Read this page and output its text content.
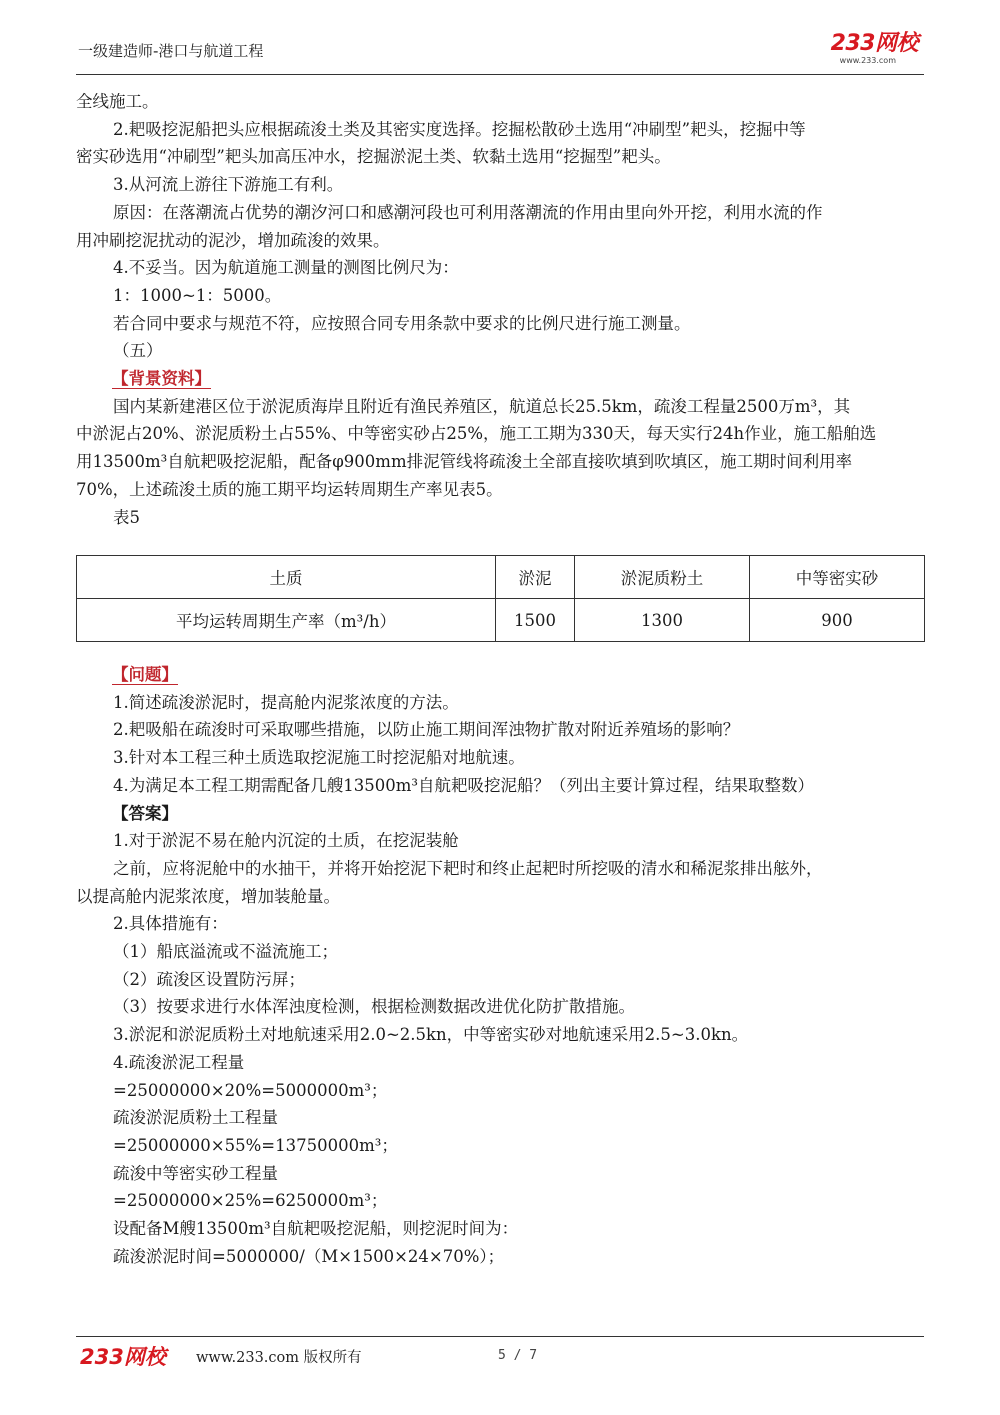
一级建造师-港口与航道工程	233网校
www.233.com
全线施工。
2.耙吸挖泥船把头应根据疏浚土类及其密实度选择。挖掘松散砂土选用“冲刷型”耙头，挖掘中等
密实砂选用“冲刷型”耙头加高压冲水，挖掘淤泥土类、软黏土选用“挖掘型”耙头。
3.从河流上游往下游施工有利。
原因：在落潮流占优势的潮汐河口和感潮河段也可利用落潮流的作用由里向外开挖，利用水流的作
用冲刷挖泥扰动的泥沙，增加疏浚的效果。
4.不妥当。因为航道施工测量的测图比例尺为：
1：1000~1：5000。
若合同中要求与规范不符，应按照合同专用条款中要求的比例尺进行施工测量。
（五）
【背景资料】
国内某新建港区位于淤泥质海岸且附近有渔民养殖区，航道总长25.5km，疏浚工程量2500万m³，其
中淤泥占20%、淤泥质粉土占55%、中等密实砂占25%，施工工期为330天，每天实行24h作业，施工船舶选
用13500m³自航耙吸挖泥船，配备φ900mm排泥管线将疏浚土全部直接吹填到吹填区，施工期时间利用率
70%，上述疏浚土质的施工期平均运转周期生产率见表5。
表5
土质	淤泥	淤泥质粉土	中等密实砂
平均运转周期生产率（m³/h）	1500	1300	900
【问题】
1.简述疏浚淤泥时，提高舱内泥浆浓度的方法。
2.耙吸船在疏浚时可采取哪些措施，以防止施工期间浑浊物扩散对附近养殖场的影响？
3.针对本工程三种土质选取挖泥施工时挖泥船对地航速。
4.为满足本工程工期需配备几艘13500m³自航耙吸挖泥船？（列出主要计算过程，结果取整数）
【答案】
1.对于淤泥不易在舱内沉淀的土质，在挖泥装舱
之前，应将泥舱中的水抽干，并将开始挖泥下耙时和终止起耙时所挖吸的清水和稀泥浆排出舷外，
以提高舱内泥浆浓度，增加装舱量。
2.具体措施有：
（1）船底溢流或不溢流施工；
（2）疏浚区设置防污屏；
（3）按要求进行水体浑浊度检测，根据检测数据改进优化防扩散措施。
3.淤泥和淤泥质粉土对地航速采用2.0~2.5kn，中等密实砂对地航速采用2.5~3.0kn。
4.疏浚淤泥工程量
=25000000×20%=5000000m³；
疏浚淤泥质粉土工程量
=25000000×55%=13750000m³；
疏浚中等密实砂工程量
=25000000×25%=6250000m³；
设配备M艘13500m³自航耙吸挖泥船，则挖泥时间为：
疏浚淤泥时间=5000000/（M×1500×24×70%）；
233网校 www.233.com 版权所有	5 / 7
